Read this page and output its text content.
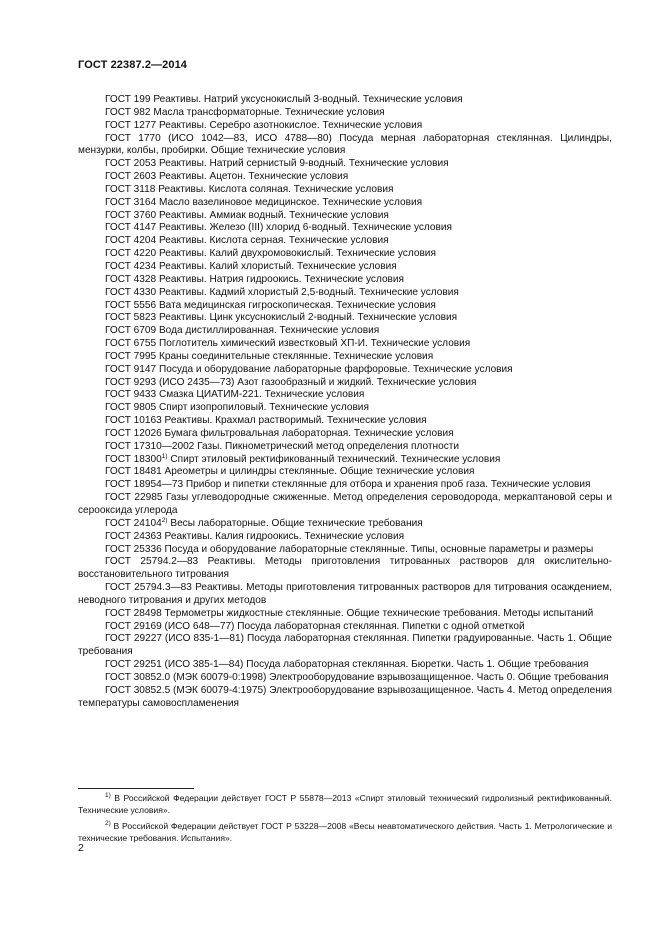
ГОСТ 22387.2—2014

ГОСТ 199 Реактивы. Натрий уксуснокислый 3-водный. Технические условия

ГОСТ 982 Масла трансформаторные. Технические условия

ГОСТ 1277 Реактивы. Серебро азотнокислое. Технические условия

ГОСТ 1770 (ИСО 1042—83, ИСО 4788—80) Посуда мерная лабораторная стеклянная. Цилиндры, мензурки, колбы, пробирки. Общие технические условия

ГОСТ 2053 Реактивы. Натрий сернистый 9-водный. Технические условия

ГОСТ 2603 Реактивы. Ацетон. Технические условия

ГОСТ 3118 Реактивы. Кислота соляная. Технические условия

ГОСТ 3164 Масло вазелиновое медицинское. Технические условия

ГОСТ 3760 Реактивы. Аммиак водный. Технические условия

ГОСТ 4147 Реактивы. Железо (III) хлорид 6-водный. Технические условия

ГОСТ 4204 Реактивы. Кислота серная. Технические условия

ГОСТ 4220 Реактивы. Калий двухромовокислый. Технические условия

ГОСТ 4234 Реактивы. Калий хлористый. Технические условия

ГОСТ 4328 Реактивы. Натрия гидроокись. Технические условия

ГОСТ 4330 Реактивы. Кадмий хлористый 2,5-водный. Технические условия

ГОСТ 5556 Вата медицинская гигроскопическая. Технические условия

ГОСТ 5823 Реактивы. Цинк уксуснокислый 2-водный. Технические условия

ГОСТ 6709 Вода дистиллированная. Технические условия

ГОСТ 6755 Поглотитель химический известковый ХП-И. Технические условия

ГОСТ 7995 Краны соединительные стеклянные. Технические условия

ГОСТ 9147 Посуда и оборудование лабораторные фарфоровые. Технические условия

ГОСТ 9293 (ИСО 2435—73) Азот газообразный и жидкий. Технические условия

ГОСТ 9433 Смазка ЦИАТИМ-221. Технические условия

ГОСТ 9805 Спирт изопропиловый. Технические условия

ГОСТ 10163 Реактивы. Крахмал растворимый. Технические условия

ГОСТ 12026 Бумага фильтровальная лабораторная. Технические условия

ГОСТ 17310—2002 Газы. Пикнометрический метод определения плотности

ГОСТ 18300$^{1)}$ Спирт этиловый ректификованный технический. Технические условия

ГОСТ 18481 Ареометры и цилиндры стеклянные. Общие технические условия

ГОСТ 18954—73 Прибор и пипетки стеклянные для отбора и хранения проб газа. Технические условия

ГОСТ 22985 Газы углеводородные сжиженные. Метод определения сероводорода, меркаптановой серы и серооксида углерода

ГОСТ 24104$^{2)}$ Весы лабораторные. Общие технические требования

ГОСТ 24363 Реактивы. Калия гидроокись. Технические условия

ГОСТ 25336 Посуда и оборудование лабораторные стеклянные. Типы, основные параметры и размеры

ГОСТ 25794.2—83 Реактивы. Методы приготовления титрованных растворов для окислительно-восстановительного титрования

ГОСТ 25794.3—83 Реактивы. Методы приготовления титрованных растворов для титрования осаждением, неводного титрования и других методов

ГОСТ 28498 Термометры жидкостные стеклянные. Общие технические требования. Методы испытаний

ГОСТ 29169 (ИСО 648—77) Посуда лабораторная стеклянная. Пипетки с одной отметкой

ГОСТ 29227 (ИСО 835-1—81) Посуда лабораторная стеклянная. Пипетки градуированные. Часть 1. Общие требования

ГОСТ 29251 (ИСО 385-1—84) Посуда лабораторная стеклянная. Бюретки. Часть 1. Общие требования

ГОСТ 30852.0 (МЭК 60079-0:1998) Электрооборудование взрывозащищенное. Часть 0. Общие требования

ГОСТ 30852.5 (МЭК 60079-4:1975) Электрооборудование взрывозащищенное. Часть 4. Метод определения температуры самовоспламенения

$^{1)}$ В Российской Федерации действует ГОСТ Р 55878—2013 «Спирт этиловый технический гидролизный ректификованный. Технические условия».

$^{2)}$ В Российской Федерации действует ГОСТ Р 53228—2008 «Весы неавтоматического действия. Часть 1. Метрологические и технические требования. Испытания».

2
